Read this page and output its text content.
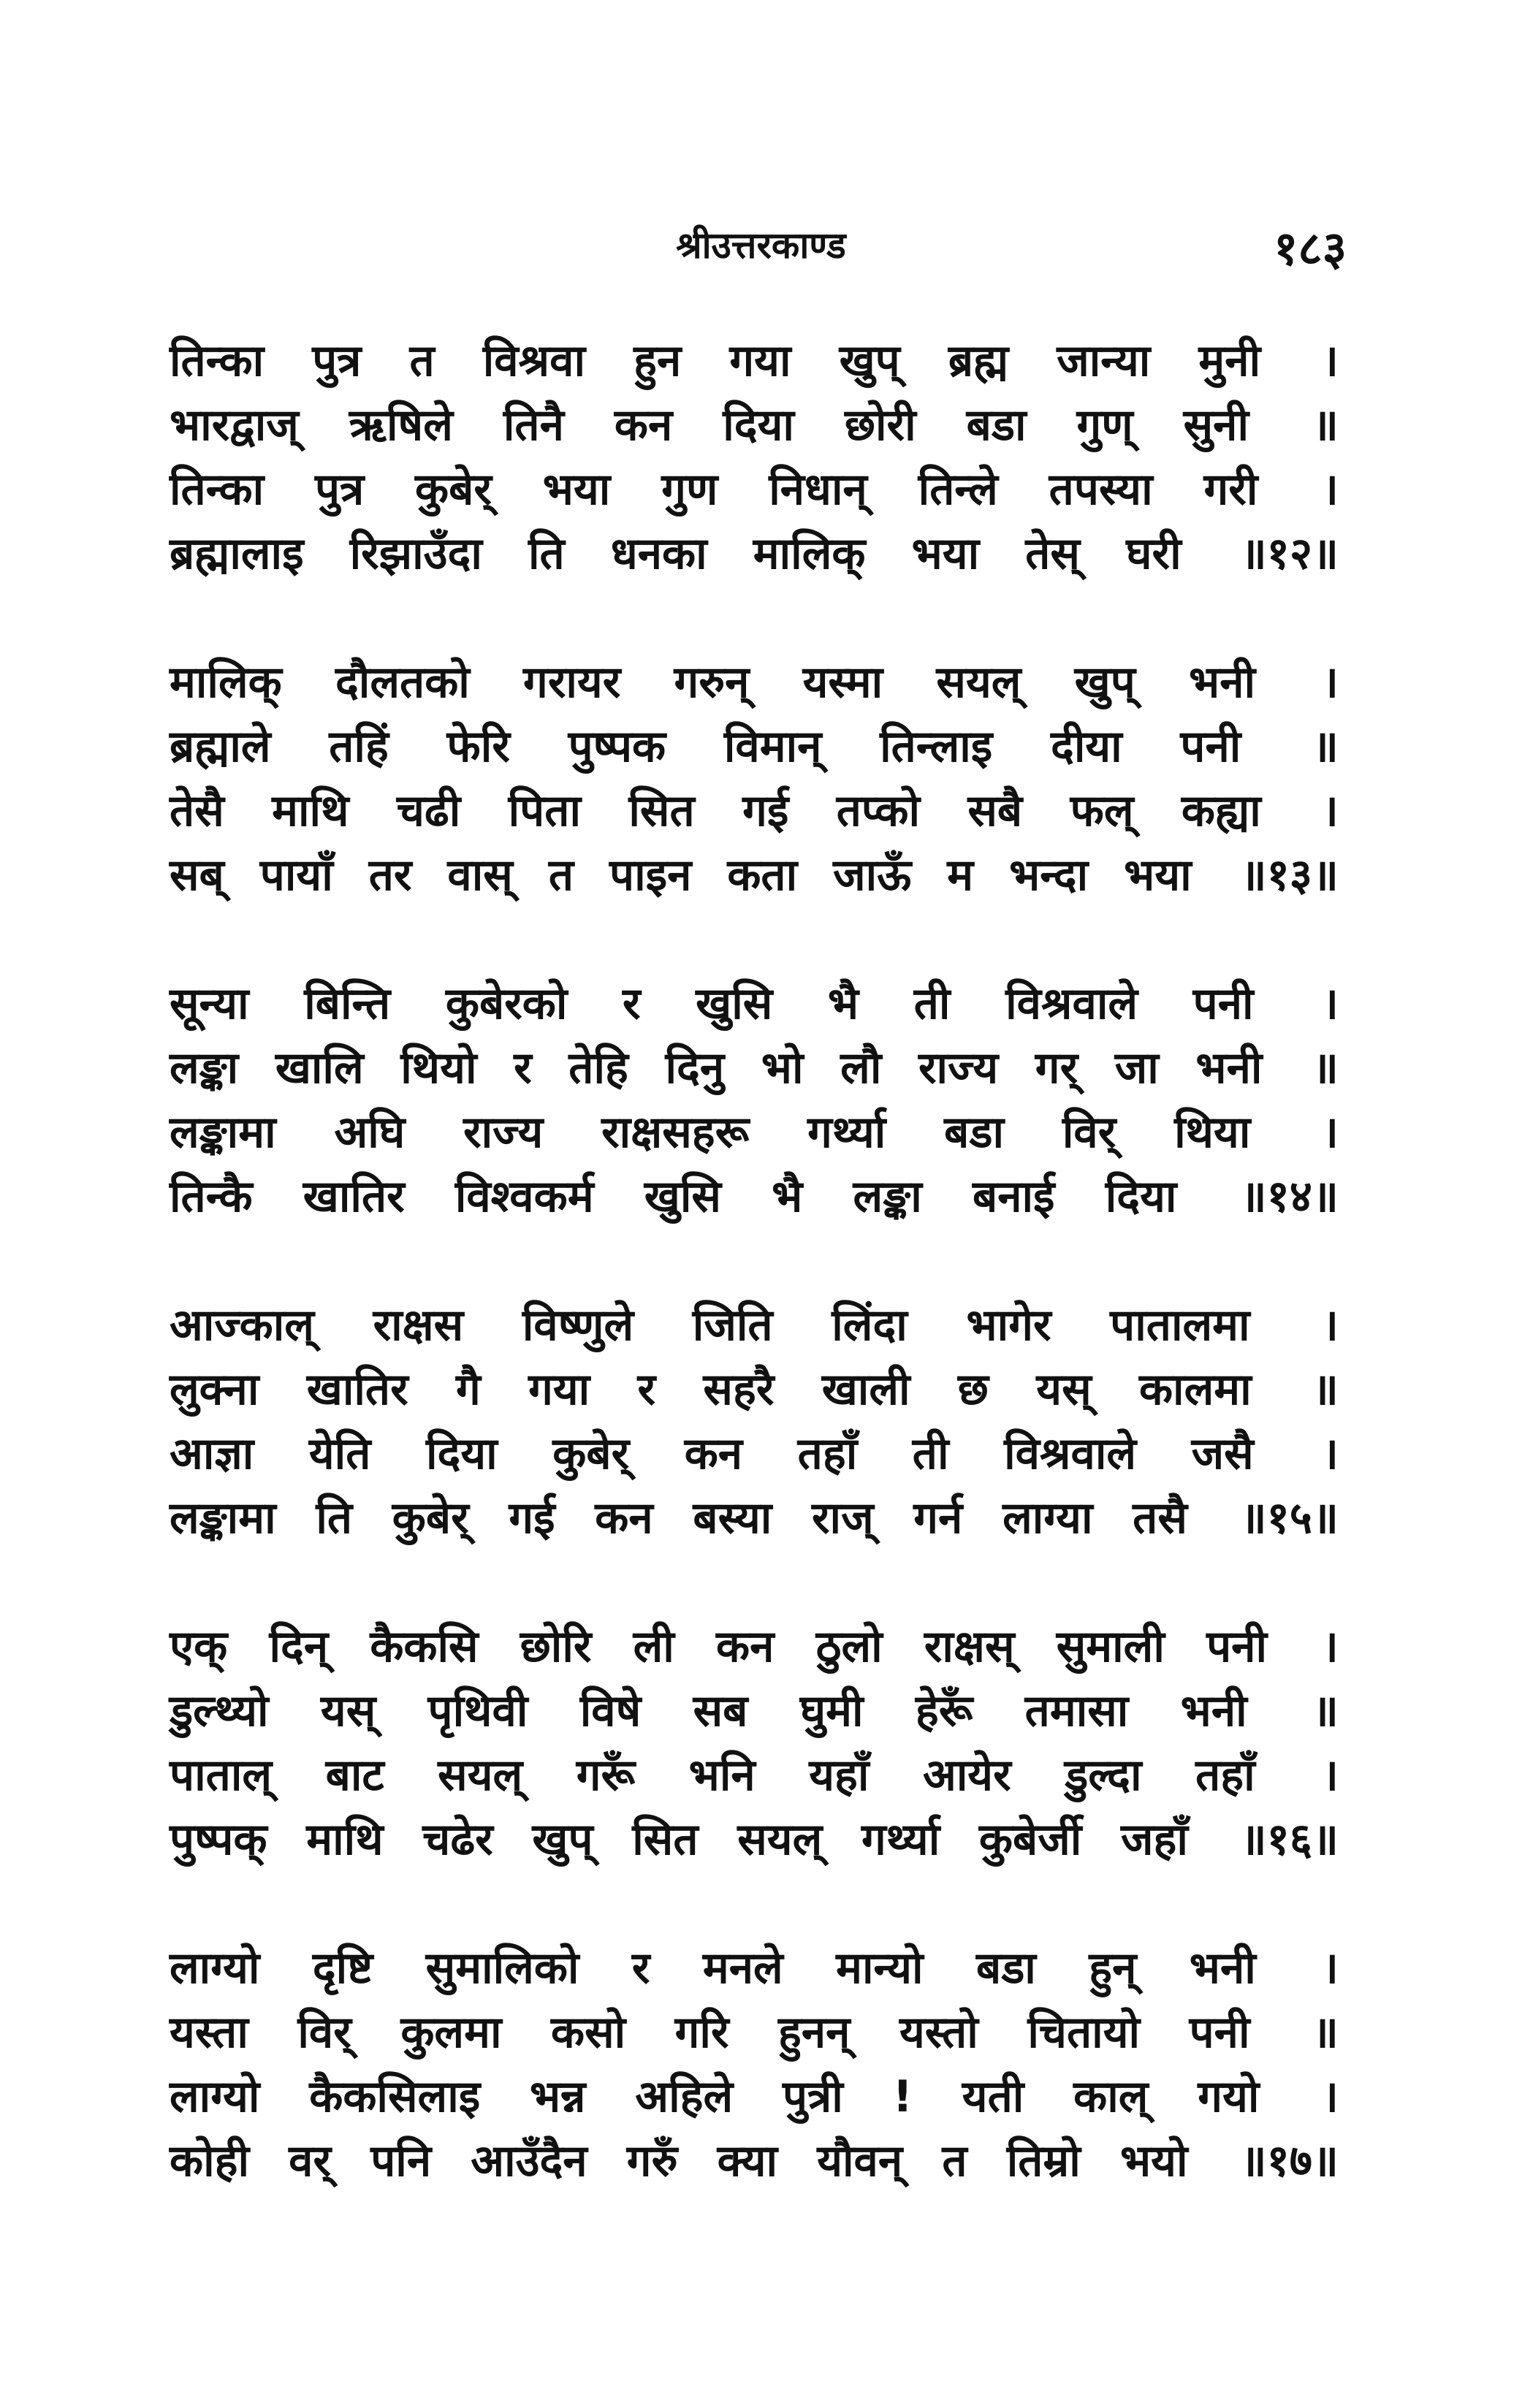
श्रीउत्तरकाण्ड	१८३
तिन्का पुत्र त विश्रवा हुन गया खुप् ब्रह्म जान्या मुनी	।
भारद्वाज् ऋषिले तिनै कन दिया छोरी बडा गुण् सुनी	॥
तिन्का पुत्र कुबेर् भया गुण निधान् तिन्ले तपस्या गरी	।
ब्रह्मालाइ रिझाउँदा ति धनका मालिक् भया तेस् घरी	॥१२॥
मालिक् दौलतको गरायर गरुन् यस्मा सयल् खुप् भनी	।
ब्रह्माले तहिं फेरि पुष्पक विमान् तिन्लाइ दीया पनी	॥
तेसै माथि चढी पिता सित गई तप्को सबै फल् कह्या	।
सब् पायाँ तर वास् त पाइन कता जाऊँ म भन्दा भया	॥१३॥
सून्या बिन्ति कुबेरको र खुसि भै ती विश्रवाले पनी	।
लङ्का खालि थियो र तेहि दिनु भो लौ राज्य गर् जा भनी	॥
लङ्कामा अघि राज्य राक्षसहरू गर्थ्या बडा विर् थिया	।
तिन्कै खातिर विश्वकर्म खुसि भै लङ्का बनाई दिया	॥१४॥
आज्काल् राक्षस विष्णुले जिति लिंदा भागेर पातालमा	।
लुक्ना खातिर गै गया र सहरै खाली छ यस् कालमा	॥
आज्ञा येति दिया कुबेर् कन तहाँ ती विश्रवाले जसै	।
लङ्कामा ति कुबेर् गई कन बस्या राज् गर्न लाग्या तसै	॥१५॥
एक् दिन् कैकसि छोरि ली कन ठुलो राक्षस् सुमाली पनी	।
डुल्थ्यो यस् पृथिवी विषे सब घुमी हेरूँ तमासा भनी	॥
पाताल् बाट सयल् गरूँ भनि यहाँ आयेर डुल्दा तहाँ	।
पुष्पक् माथि चढेर खुप् सित सयल् गर्थ्या कुबेर्जी जहाँ	॥१६॥
लाग्यो दृष्टि सुमालिको र मनले मान्यो बडा हुन् भनी	।
यस्ता विर् कुलमा कसो गरि हुनन् यस्तो चितायो पनी	॥
लाग्यो कैकसिलाइ भन्न अहिले पुत्री ! यती काल् गयो	।
कोही वर् पनि आउँदैन गरुँ क्या यौवन् त तिम्रो भयो	॥१७॥
